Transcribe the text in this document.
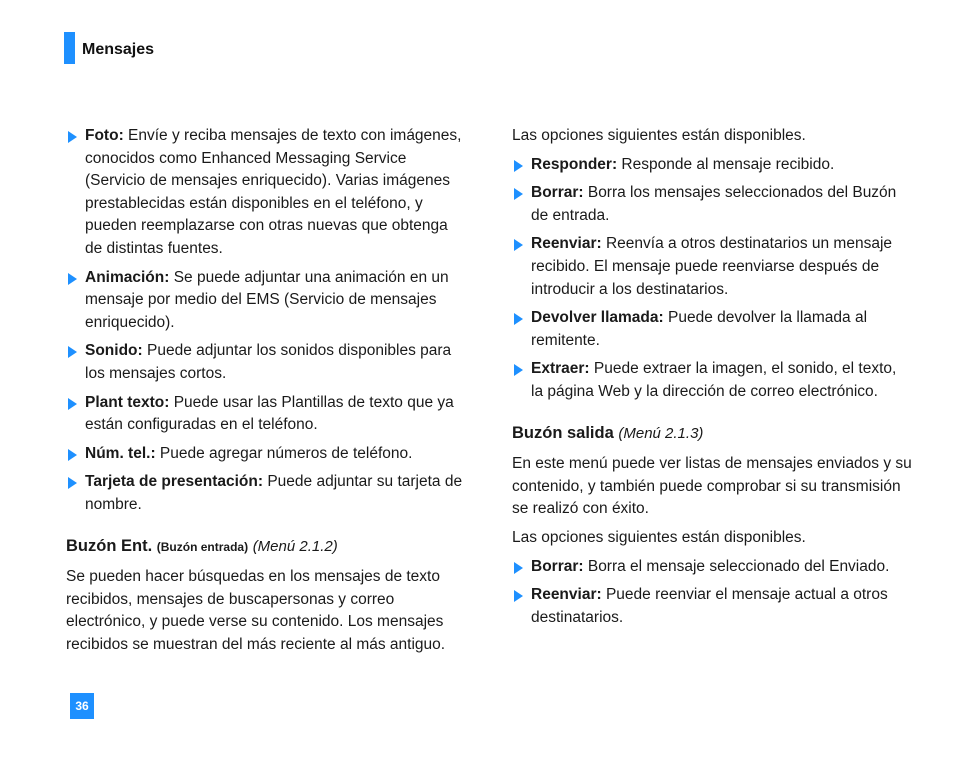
Mensajes
Foto: Envíe y reciba mensajes de texto con imágenes, conocidos como Enhanced Messaging Service (Servicio de mensajes enriquecido). Varias imágenes prestablecidas están disponibles en el teléfono, y pueden reemplazarse con otras nuevas que obtenga de distintas fuentes.
Animación: Se puede adjuntar una animación en un mensaje por medio del EMS (Servicio de mensajes enriquecido).
Sonido: Puede adjuntar los sonidos disponibles para los mensajes cortos.
Plant texto: Puede usar las Plantillas de texto que ya están configuradas en el teléfono.
Núm. tel.: Puede agregar números de teléfono.
Tarjeta de presentación: Puede adjuntar su tarjeta de nombre.
Buzón Ent. (Buzón entrada) (Menú 2.1.2)

Se pueden hacer búsquedas en los mensajes de texto recibidos, mensajes de buscapersonas y correo electrónico, y puede verse su contenido. Los mensajes recibidos se muestran del más reciente al más antiguo.

Las opciones siguientes están disponibles.

Responder: Responde al mensaje recibido.
Borrar: Borra los mensajes seleccionados del Buzón de entrada.
Reenviar: Reenvía a otros destinatarios un mensaje recibido. El mensaje puede reenviarse después de introducir a los destinatarios.
Devolver llamada: Puede devolver la llamada al remitente.
Extraer: Puede extraer la imagen, el sonido, el texto, la página Web y la dirección de correo electrónico.
Buzón salida (Menú 2.1.3)

En este menú puede ver listas de mensajes enviados y su contenido, y también puede comprobar si su transmisión se realizó con éxito.

Las opciones siguientes están disponibles.

Borrar: Borra el mensaje seleccionado del Enviado.
Reenviar: Puede reenviar el mensaje actual a otros destinatarios.
36
